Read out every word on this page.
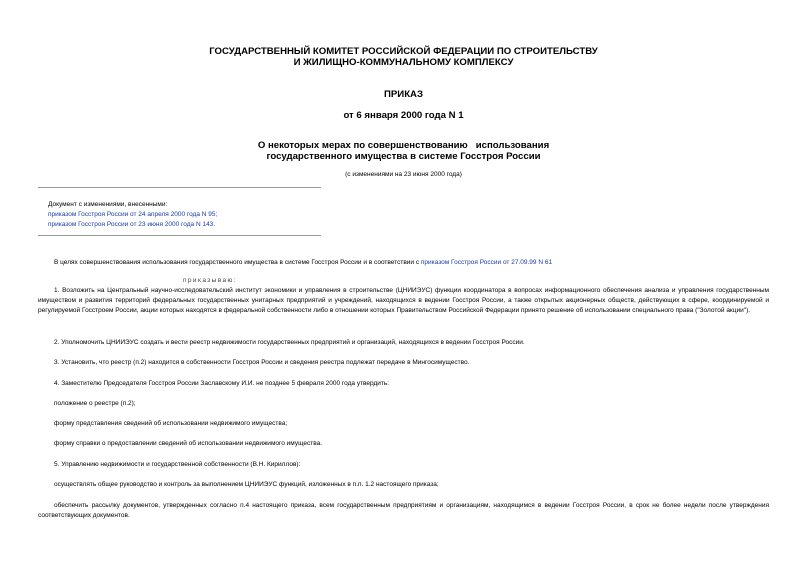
ГОСУДАРСТВЕННЫЙ КОМИТЕТ РОССИЙСКОЙ ФЕДЕРАЦИИ ПО СТРОИТЕЛЬСТВУ
И ЖИЛИЩНО-КОММУНАЛЬНОМУ КОМПЛЕКСУ
ПРИКАЗ
от 6 января 2000 года N 1
О некоторых мерах по совершенствованию   использования
государственного имущества в системе Госстроя России
(с изменениями на 23 июня 2000 года)
Документ с изменениями, внесенными:
приказом Госстроя России от 24 апреля 2000 года N 95;
приказом Госстроя России от 23 июня 2000 года N 143.
В целях совершенствования использования государственного имущества в системе Госстроя России и в соответствии с приказом Госстроя России от 27.09.99 N 61
приказываю:
1. Возложить на Центральный научно-исследовательский институт экономики и управления в строительстве (ЦНИИЭУС) функции координатора в вопросах информационного обеспечения анализа и управления государственным имуществом и развития территорий федеральных государственных унитарных предприятий и учреждений, находящихся в ведении Госстроя России, а также открытых акционерных обществ, действующих в сфере, координируемой и регулируемой Госстроем России, акции которых находятся в федеральной собственности либо в отношении которых Правительством Российской Федерации принято решение об использовании специального права ("Золотой акции").
2. Уполномочить ЦНИИЭУС создать и вести реестр недвижимости государственных предприятий и организаций, находящихся в ведении Госстроя России.
3. Установить, что реестр (п.2) находится в собственности Госстроя России и сведения реестра подлежат передаче в Мингосимущество.
4. Заместителю Председателя Госстроя России Заславскому И.И. не позднее 5 февраля 2000 года утвердить:
положение о реестре (п.2);
форму представления сведений об использовании недвижимого имущества;
форму справки о предоставлении сведений об использовании недвижимого имущества.
5. Управлению недвижимости и государственной собственности (В.Н. Кириллов):
осуществлять общее руководство и контроль за выполнением ЦНИИЭУС функций, изложенных в п.п. 1.2 настоящего приказа;
обеспечить рассылку документов, утвержденных согласно п.4 настоящего приказа, всем государственным предприятиям и организациям, находящимся в ведении Госстроя России, в срок не более недели после утверждения соответствующих документов.
